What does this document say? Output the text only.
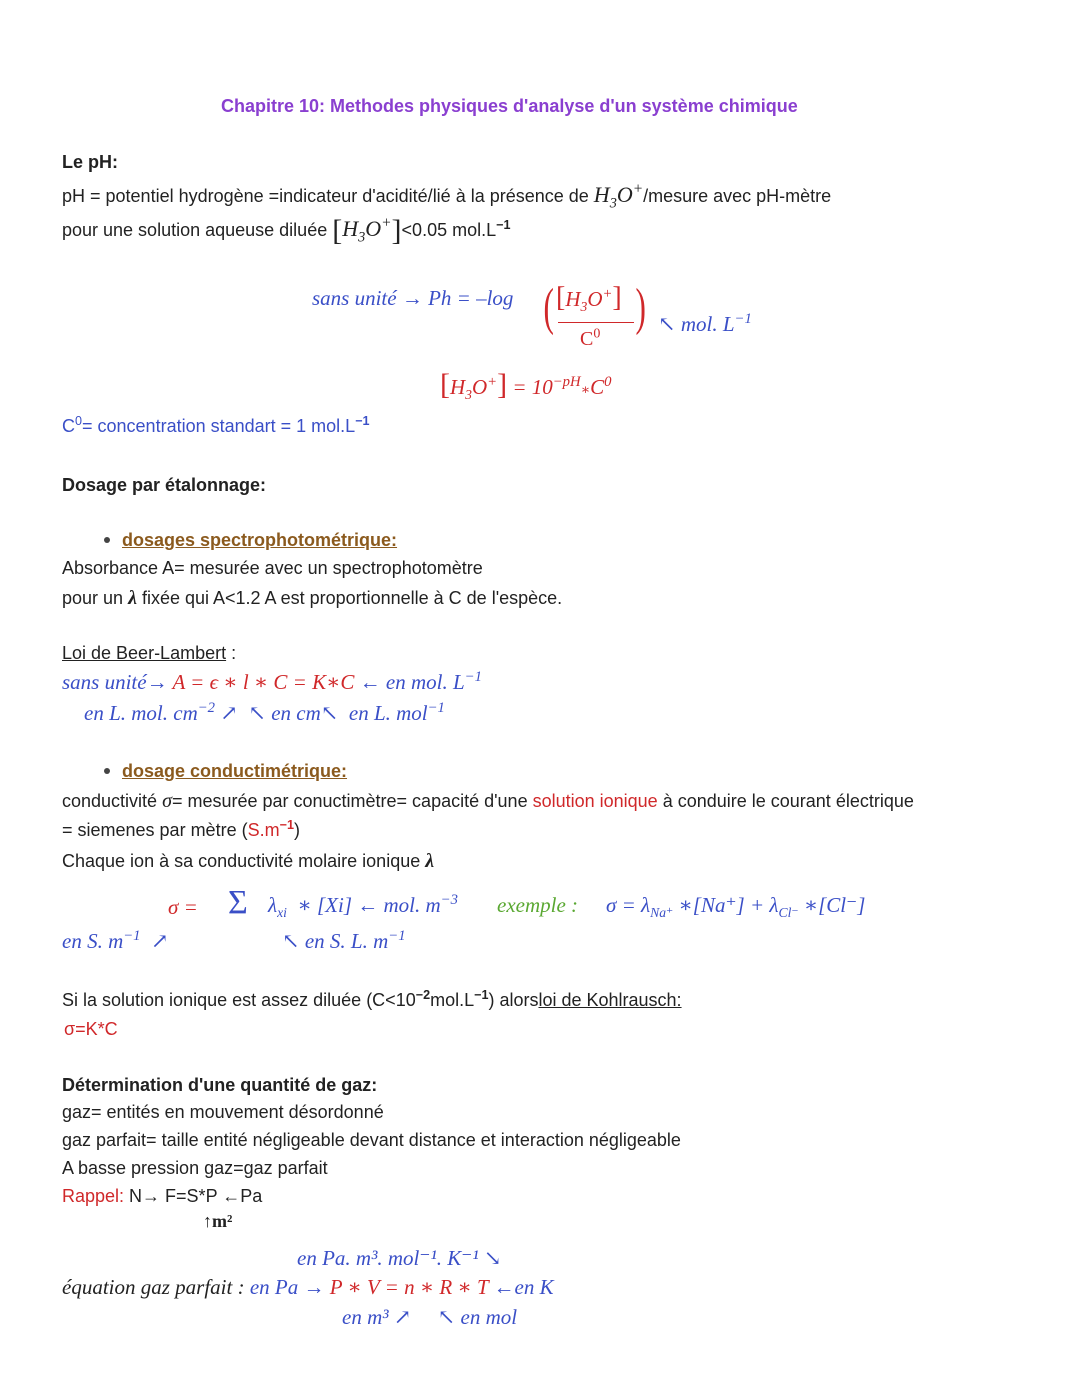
Chapitre 10: Methodes physiques d'analyse d'un système chimique
Le pH:
pH = potentiel hydrogène =indicateur d'acidité/lié à la présence de $H_3O^+$/mesure avec pH-mètre
pour une solution aqueuse diluée $[H_3O^+]<0.05$ $mol.L^{-1}$
sans unité → Ph = –log ( $[H_3O^+]$
$C^0$ ) ↖ mol. $L^{-1}$
$[H_3O^+]$ = $10^{-pH}∗C^0$
$C^0=$ concentration standart = 1 $mol.L^{-1}$
Dosage par étalonnage:
dosages spectrophotométrique:
Absorbance A= mesurée avec un spectrophotomètre
pour un λ fixée qui A<1.2 A est proportionnelle à C de l'espèce.
Loi de Beer-Lambert :
sans unité→ A = ϵ ∗ l ∗ C = K∗C ← en mol. $L^{-1}$
en L. mol. $cm^{-2}$ ↗  ↖ en cm↖  en L. mol$^{-1}$
dosage conductimétrique:
conductivité σ= mesurée par conuctimètre= capacité d'une solution ionique à conduire le courant électrique
= siemenes par mètre $(S.m^{-1})$
Chaque ion à sa conductivité molaire ionique λ
σ = Σ $\lambda_{xi}$ ∗ [Xi] ← mol. $m^{-3}$ exemple : $\sigma = \lambda_{Na^+}$ ∗[Na⁺] + $\lambda_{Cl^-}$ ∗[Cl⁻]
en S. $m^{-1}$  ↗	↖ en S. L. $m^{-1}$
Si la solution ionique est assez diluée $(C<10^{-2}mol.L^{-1})$ alorsloi de Kohlrausch:
σ=K*C
Détermination d'une quantité de gaz:
gaz= entités en mouvement désordonné
gaz parfait= taille entité négligeable devant distance et interaction négligeable
A basse pression gaz=gaz parfait
Rappel: N→ F=S*P ←Pa
↑m²
en Pa. m³. mol⁻¹. K⁻¹ ↘
équation gaz parfait : en Pa → P ∗ V = n ∗ R ∗ T ←en K
en m³ ↗     ↖ en mol
